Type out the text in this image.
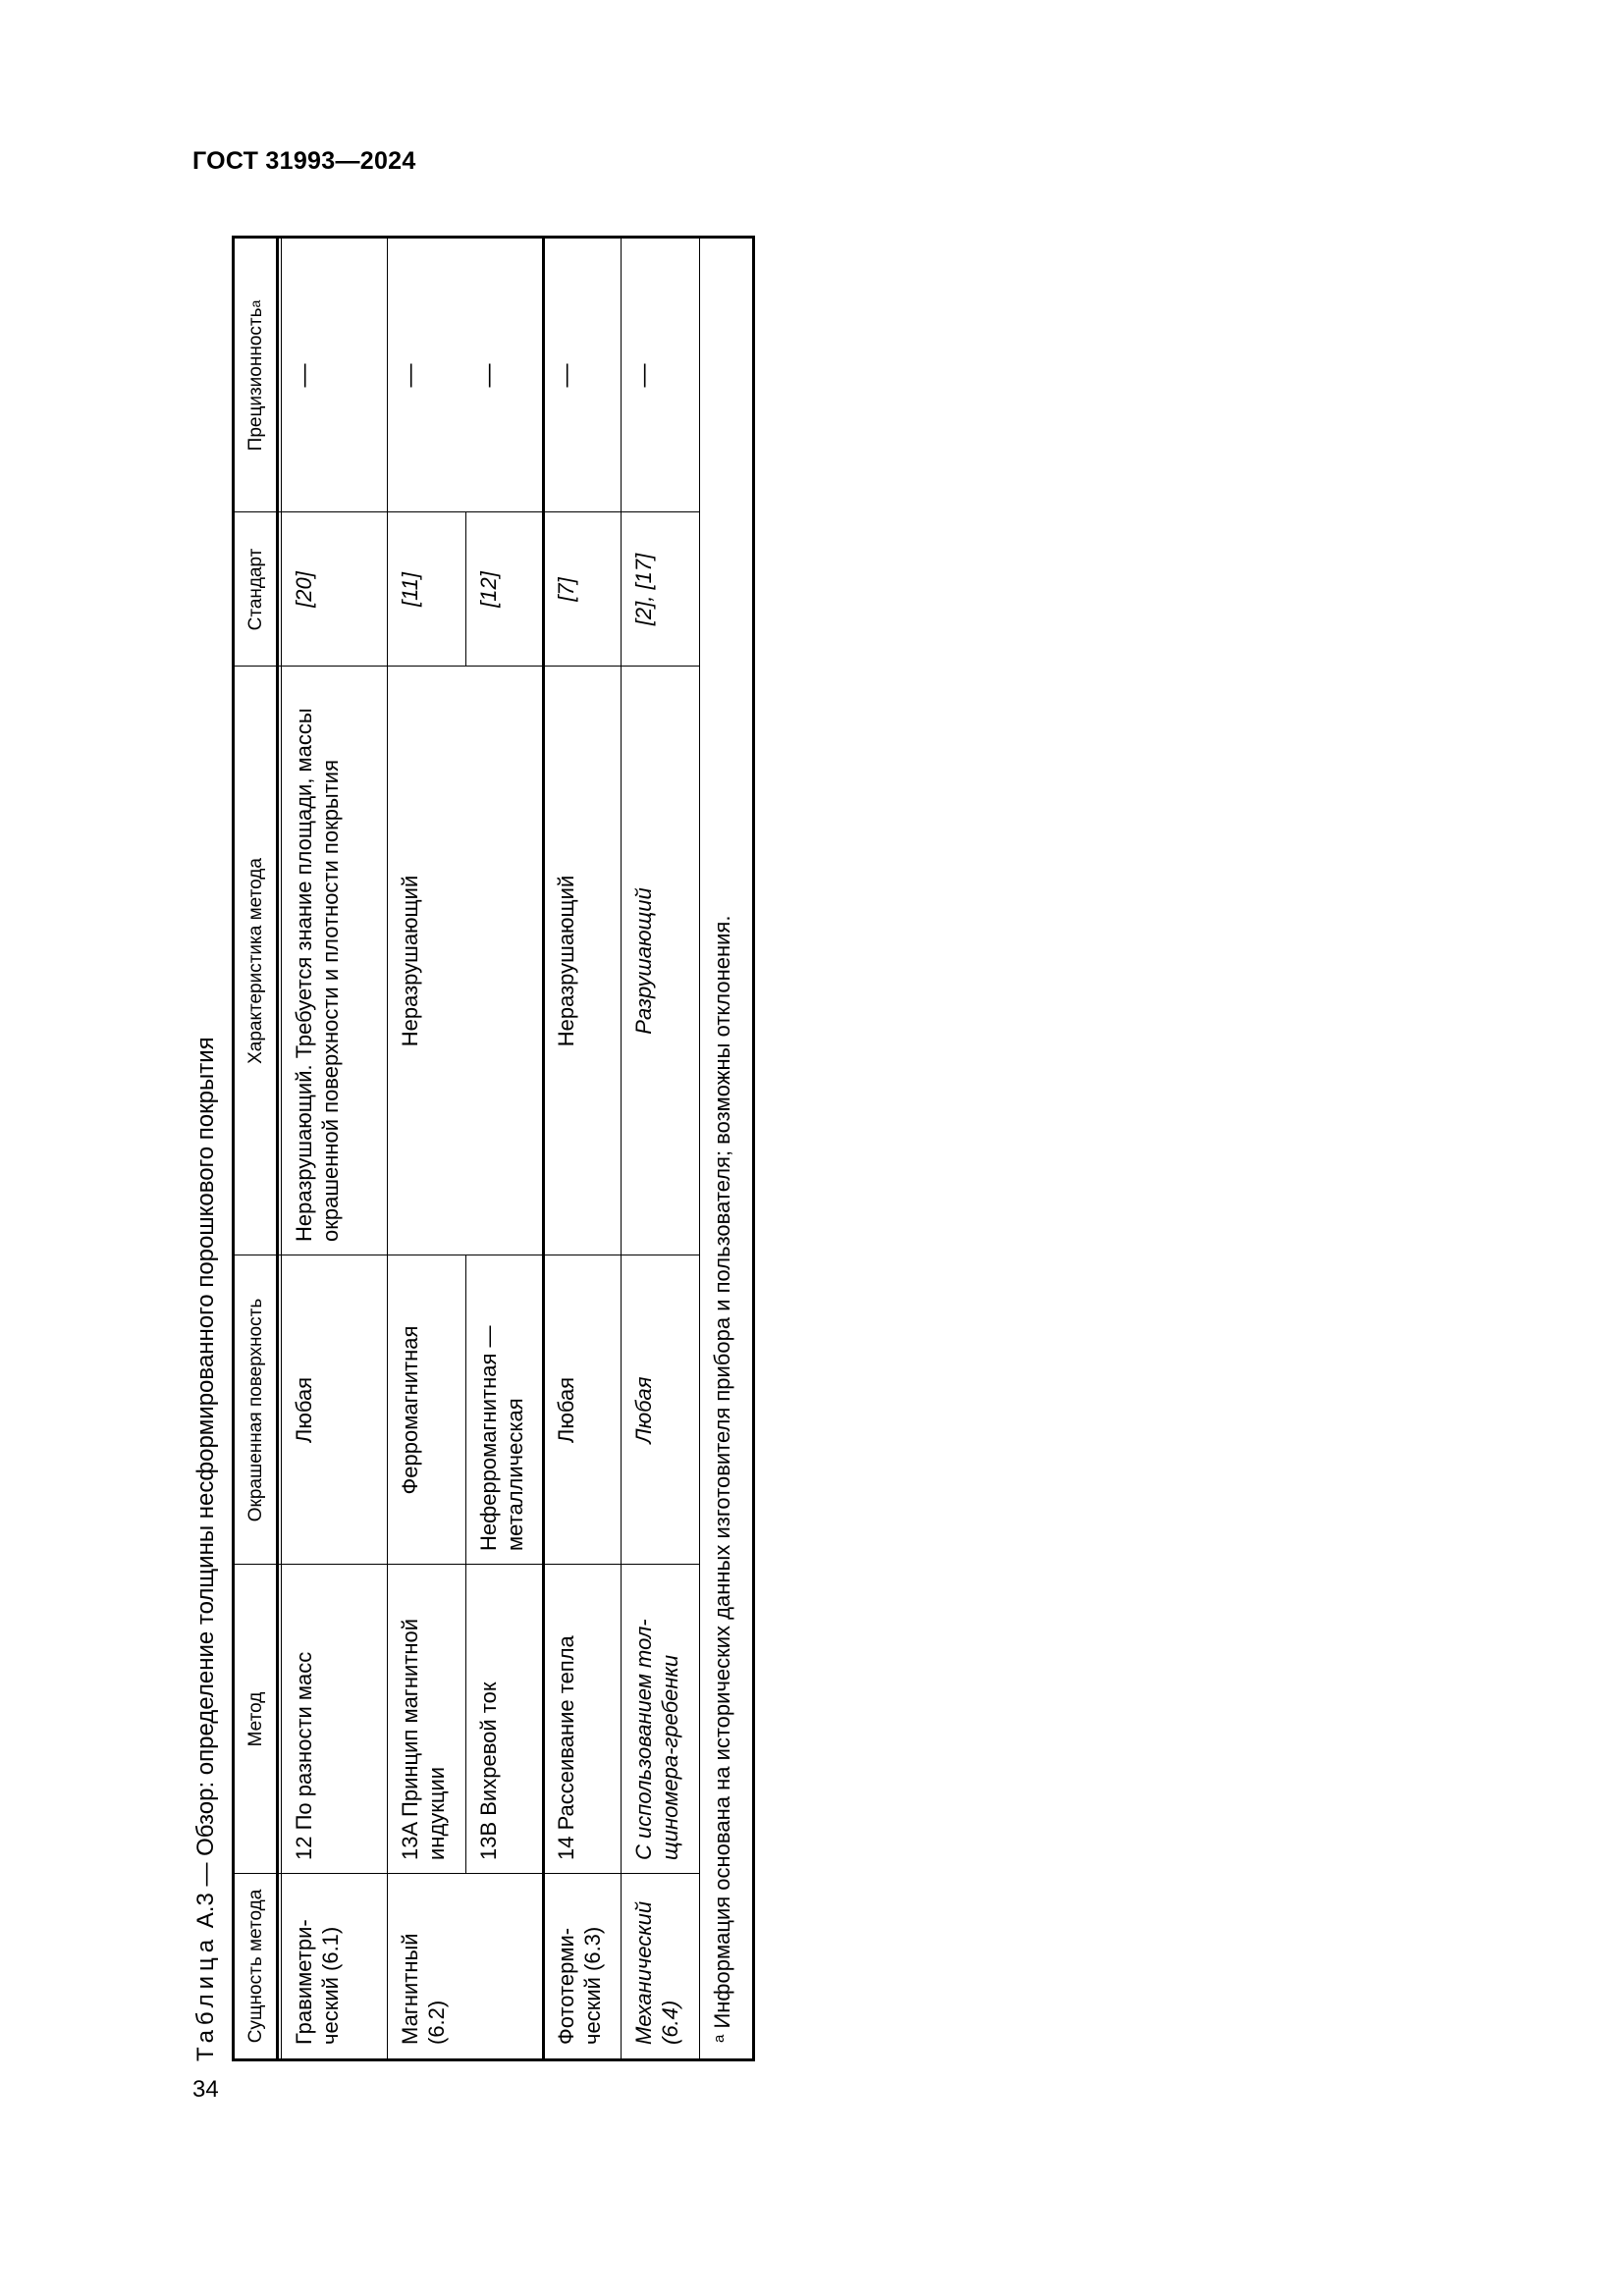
ГОСТ 31993—2024
Таблица А.3 — Обзор: определение толщины несформированного порошкового покрытия
Сущность метода
Метод
Окрашенная поверхность
Характеристика метода
Стандарт
Прецизионность
а
Гравиметри-ческий (6.1)
12 По разности масс
Любая
Неразрушающий. Требуется знание площади, массы окрашенной поверхности и плотности покрытия
[20]
—
Магнитный (6.2)
13A Принцип магнитной индукции
Ферромагнитная
Неразрушающий
[11]
—
13B Вихревой ток
Неферромагнитная — металлическая
[12]
—
Фототерми-ческий (6.3)
14 Рассеивание тепла
Любая
Неразрушающий
[7]
—
Механический (6.4)
С использованием тол-щиномера-гребенки
Любая
Разрушающий
[2], [17]
—
$^а$ Информация основана на исторических данных изготовителя прибора и пользователя; возможны отклонения.
34
